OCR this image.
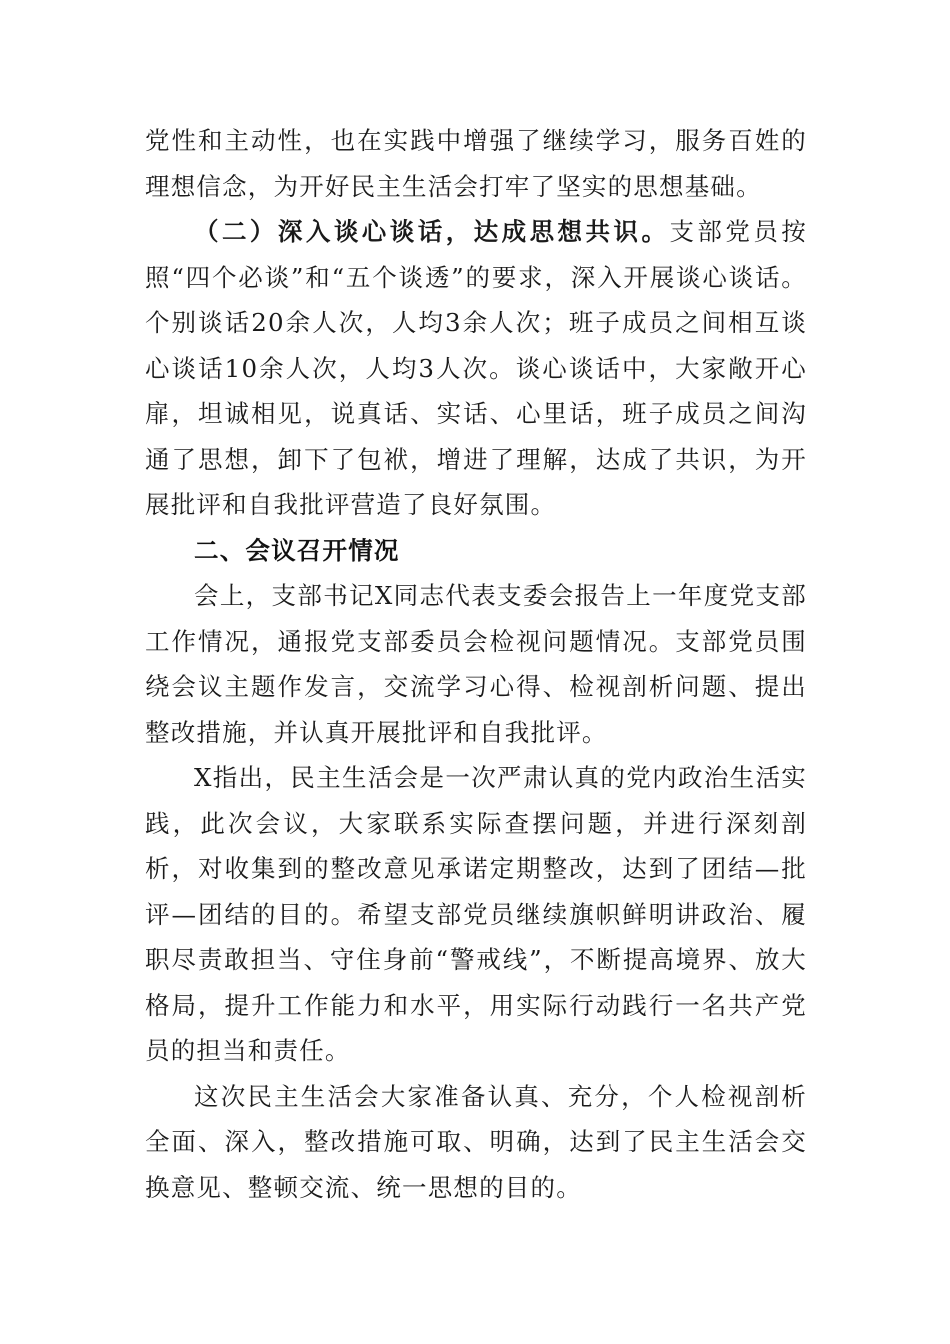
党性和主动性，也在实践中增强了继续学习，服务百姓的理想信念，为开好民主生活会打牢了坚实的思想基础。

（二）深入谈心谈话，达成思想共识。支部党员按照“四个必谈”和“五个谈透”的要求，深入开展谈心谈话。个别谈话20余人次，人均3余人次；班子成员之间相互谈心谈话10余人次，人均3人次。谈心谈话中，大家敞开心扉，坦诚相见，说真话、实话、心里话，班子成员之间沟通了思想，卸下了包袱，增进了理解，达成了共识，为开展批评和自我批评营造了良好氛围。

二、会议召开情况

会上，支部书记X同志代表支委会报告上一年度党支部工作情况，通报党支部委员会检视问题情况。支部党员围绕会议主题作发言，交流学习心得、检视剖析问题、提出整改措施，并认真开展批评和自我批评。

X指出，民主生活会是一次严肃认真的党内政治生活实践，此次会议，大家联系实际查摆问题，并进行深刻剖析，对收集到的整改意见承诺定期整改，达到了团结—批评—团结的目的。希望支部党员继续旗帜鲜明讲政治、履职尽责敢担当、守住身前“警戒线”，不断提高境界、放大格局，提升工作能力和水平，用实际行动践行一名共产党员的担当和责任。

这次民主生活会大家准备认真、充分，个人检视剖析全面、深入，整改措施可取、明确，达到了民主生活会交换意见、整顿交流、统一思想的目的。
